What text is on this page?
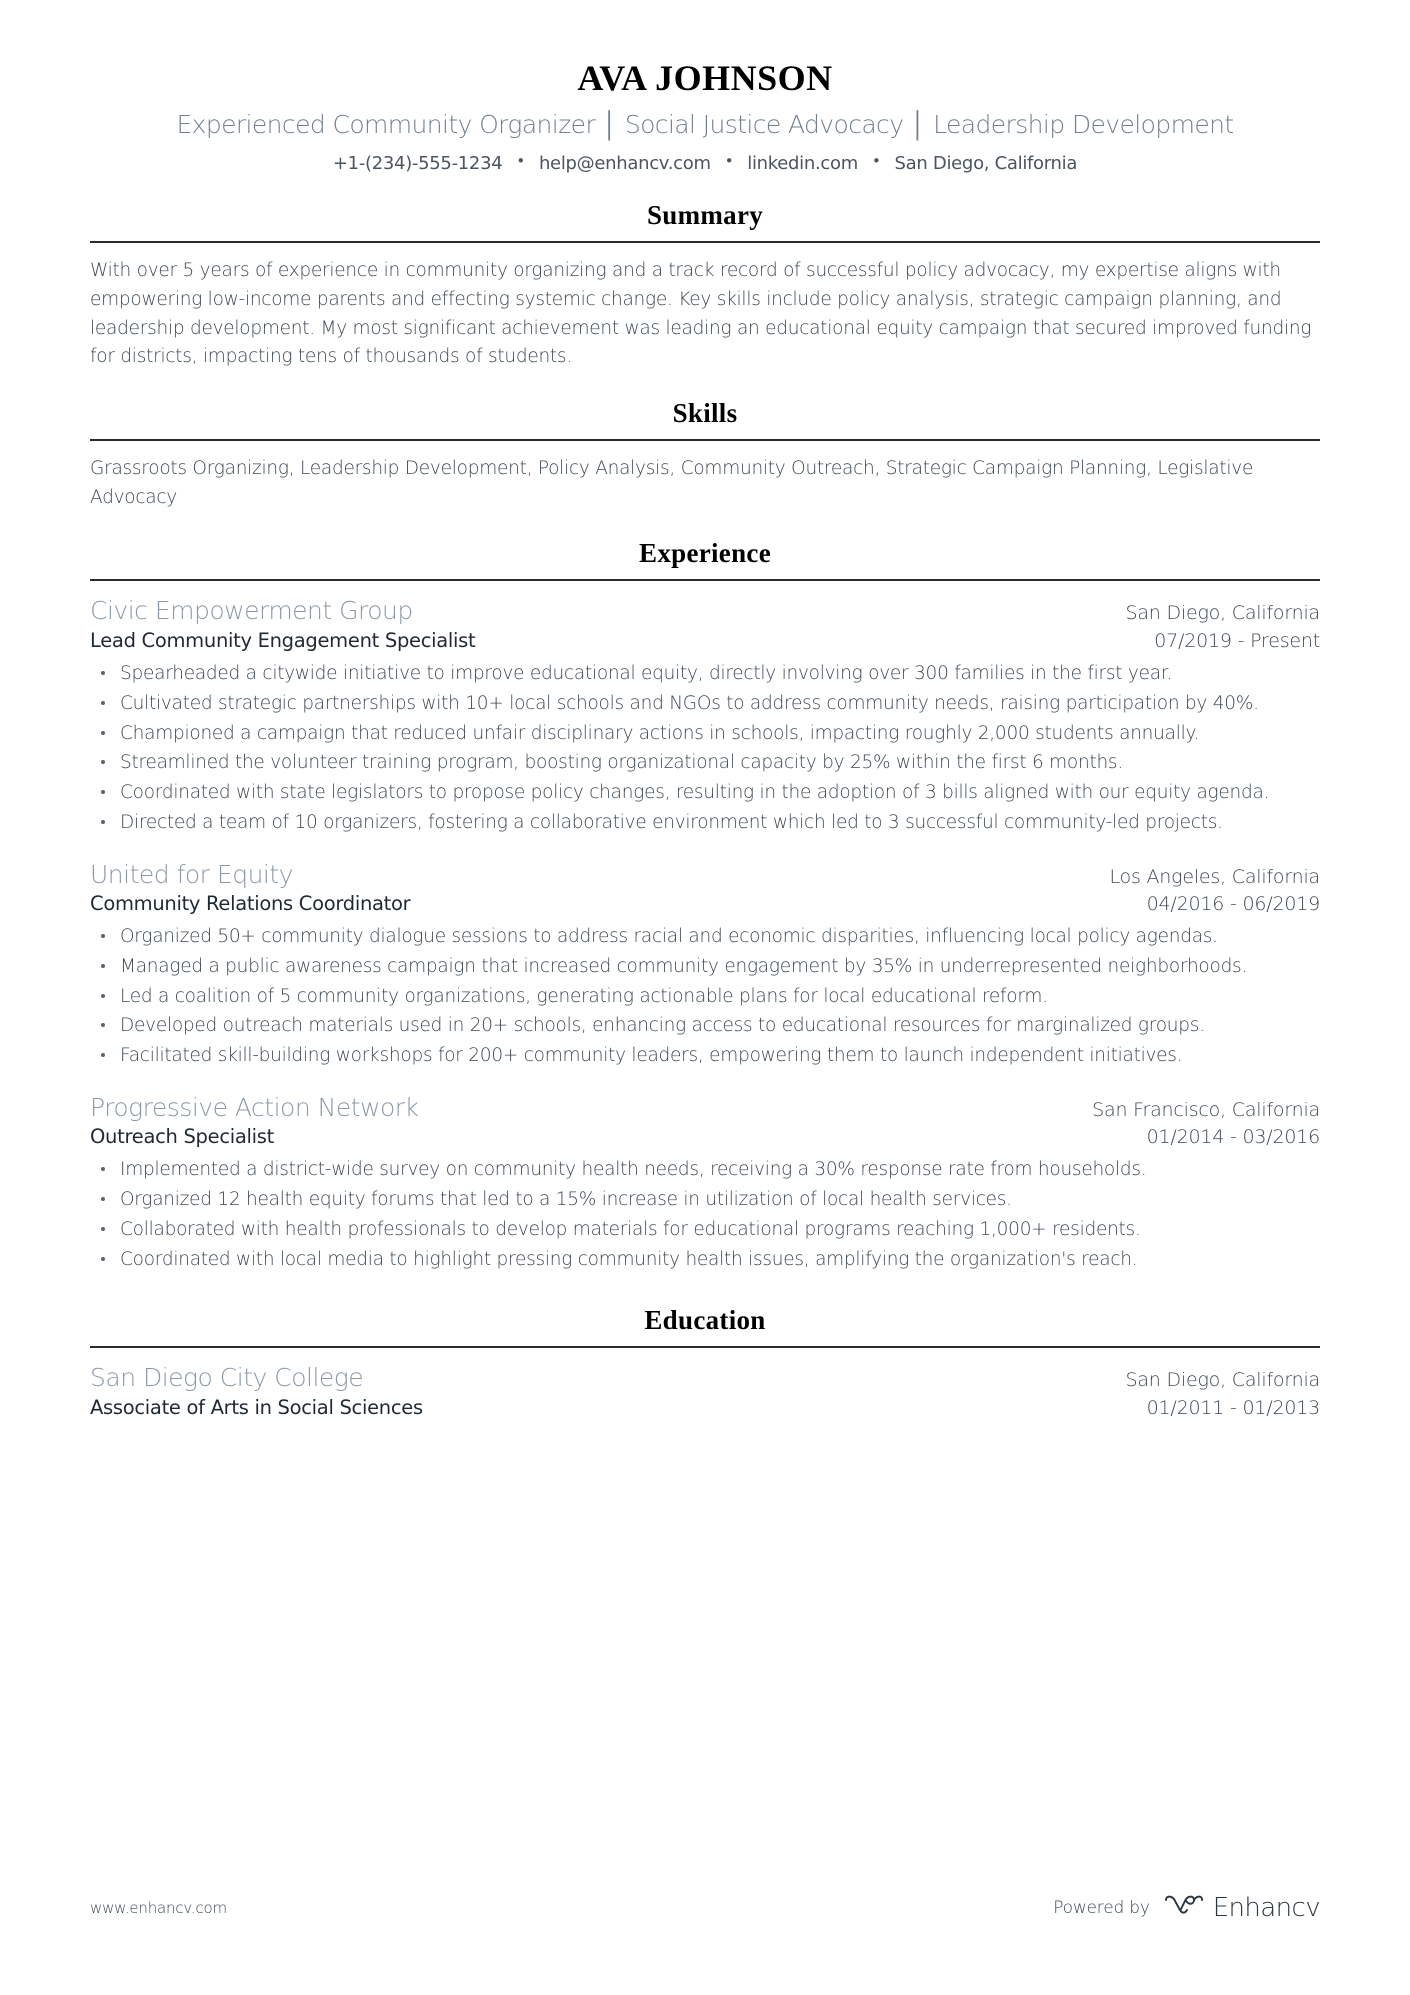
AVA JOHNSON
Experienced Community Organizer │ Social Justice Advocacy │ Leadership Development
+1-(234)-555-1234 • help@enhancv.com • linkedin.com • San Diego, California
Summary
With over 5 years of experience in community organizing and a track record of successful policy advocacy, my expertise aligns with empowering low-income parents and effecting systemic change. Key skills include policy analysis, strategic campaign planning, and leadership development. My most significant achievement was leading an educational equity campaign that secured improved funding for districts, impacting tens of thousands of students.
Skills
Grassroots Organizing, Leadership Development, Policy Analysis, Community Outreach, Strategic Campaign Planning, Legislative Advocacy
Experience
Civic Empowerment Group	San Diego, California
Lead Community Engagement Specialist	07/2019 - Present
Spearheaded a citywide initiative to improve educational equity, directly involving over 300 families in the first year.
Cultivated strategic partnerships with 10+ local schools and NGOs to address community needs, raising participation by 40%.
Championed a campaign that reduced unfair disciplinary actions in schools, impacting roughly 2,000 students annually.
Streamlined the volunteer training program, boosting organizational capacity by 25% within the first 6 months.
Coordinated with state legislators to propose policy changes, resulting in the adoption of 3 bills aligned with our equity agenda.
Directed a team of 10 organizers, fostering a collaborative environment which led to 3 successful community-led projects.
United for Equity	Los Angeles, California
Community Relations Coordinator	04/2016 - 06/2019
Organized 50+ community dialogue sessions to address racial and economic disparities, influencing local policy agendas.
Managed a public awareness campaign that increased community engagement by 35% in underrepresented neighborhoods.
Led a coalition of 5 community organizations, generating actionable plans for local educational reform.
Developed outreach materials used in 20+ schools, enhancing access to educational resources for marginalized groups.
Facilitated skill-building workshops for 200+ community leaders, empowering them to launch independent initiatives.
Progressive Action Network	San Francisco, California
Outreach Specialist	01/2014 - 03/2016
Implemented a district-wide survey on community health needs, receiving a 30% response rate from households.
Organized 12 health equity forums that led to a 15% increase in utilization of local health services.
Collaborated with health professionals to develop materials for educational programs reaching 1,000+ residents.
Coordinated with local media to highlight pressing community health issues, amplifying the organization's reach.
Education
San Diego City College	San Diego, California
Associate of Arts in Social Sciences	01/2011 - 01/2013
www.enhancv.com	Powered by Enhancv
